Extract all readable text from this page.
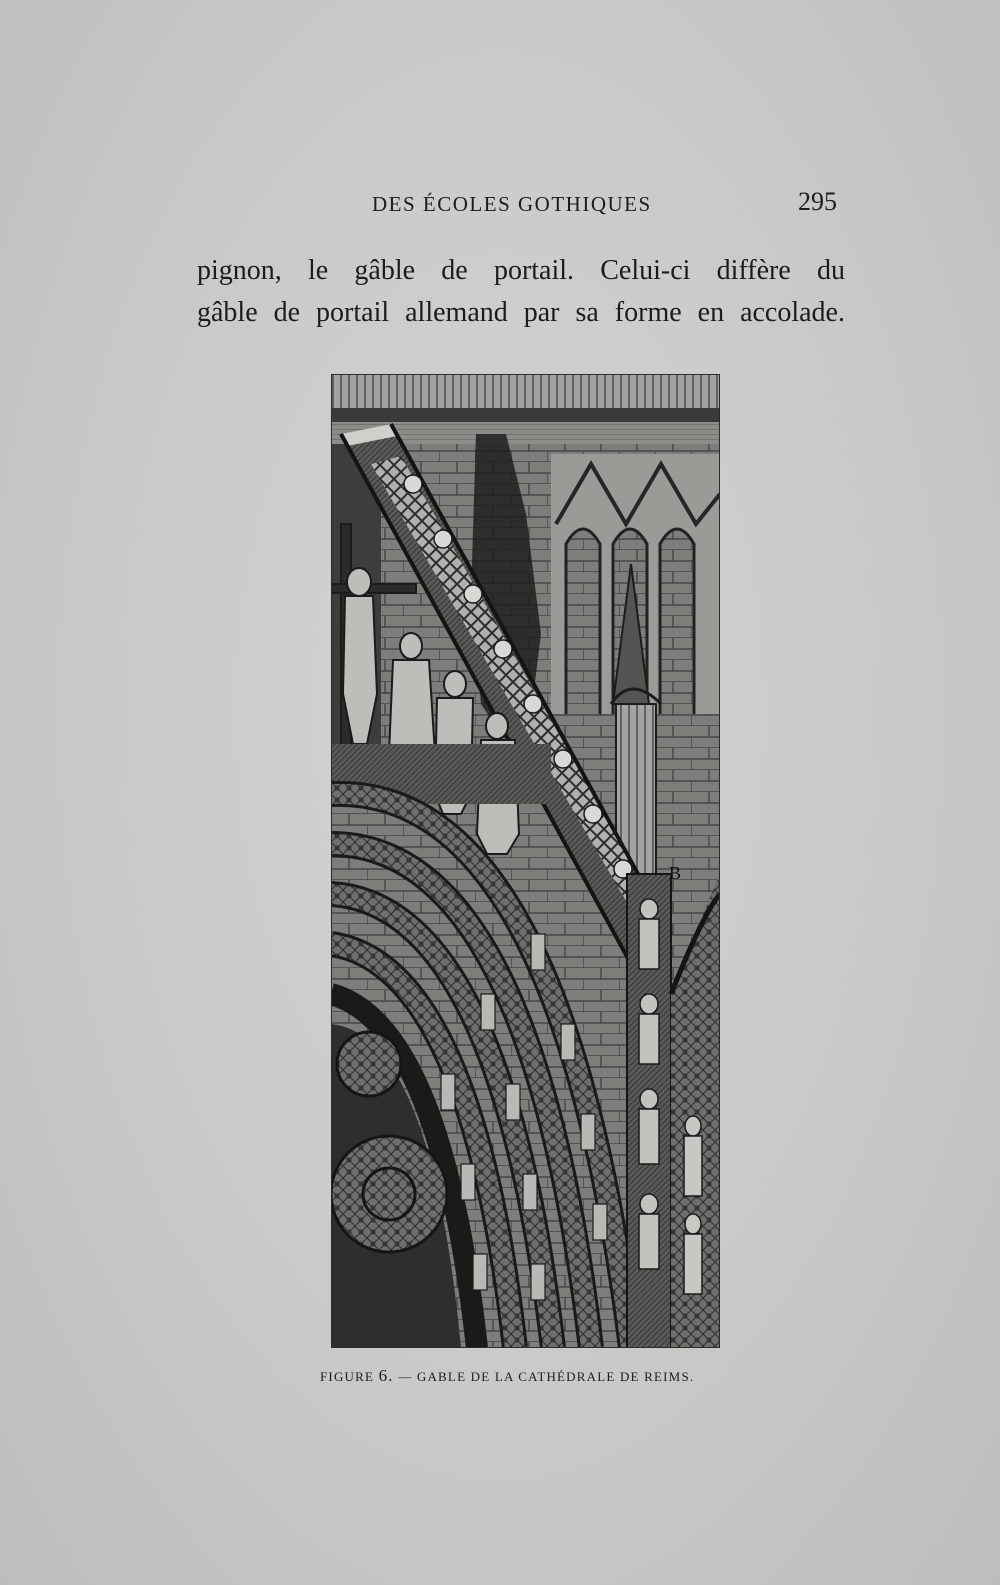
DES ÉCOLES GOTHIQUES	295

pignon, le gâble de portail. Celui-ci diffère du

gâble de portail allemand par sa forme en accolade.

B
FIGURE 6. — GABLE DE LA CATHÉDRALE DE REIMS.
